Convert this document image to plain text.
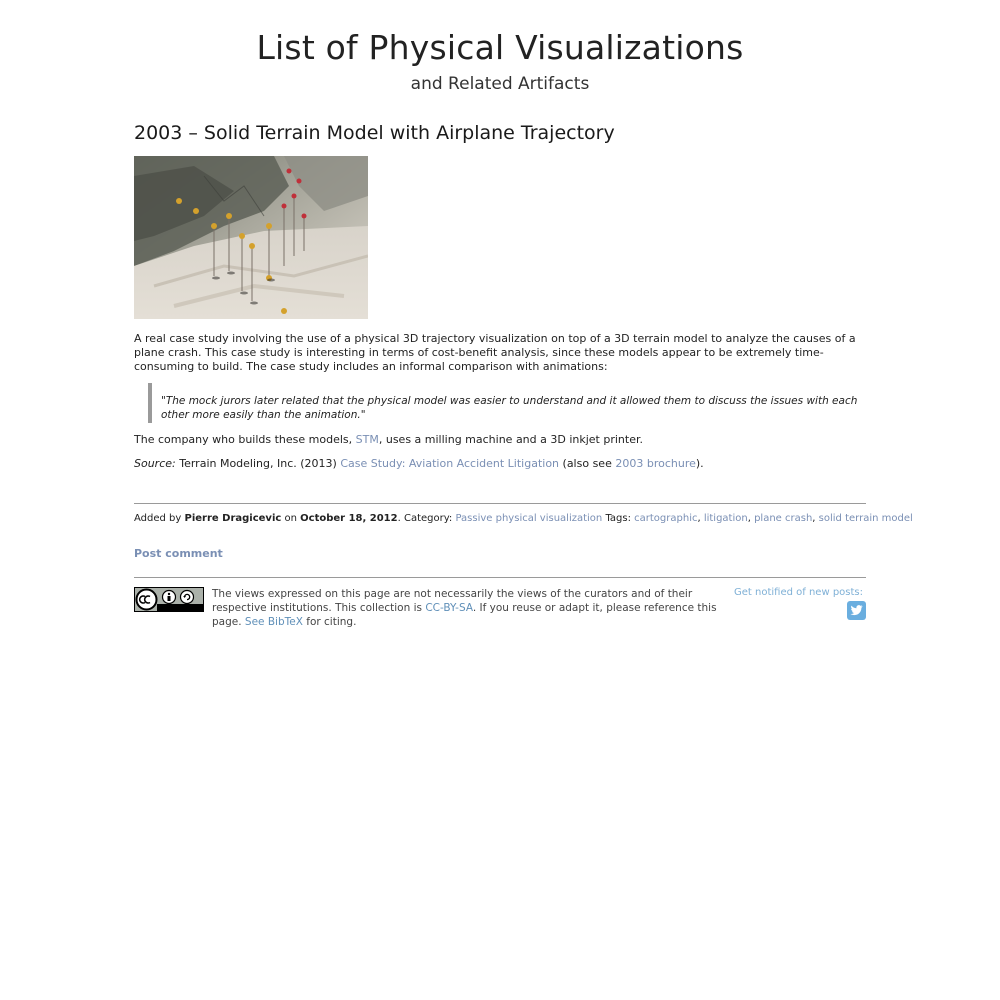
List of Physical Visualizations
and Related Artifacts
2003 – Solid Terrain Model with Airplane Trajectory
A real case study involving the use of a physical 3D trajectory visualization on top of a 3D terrain model to analyze the causes of a plane crash. This case study is interesting in terms of cost-benefit analysis, since these models appear to be extremely time-consuming to build. The case study includes an informal comparison with animations:
"The mock jurors later related that the physical model was easier to understand and it allowed them to discuss the issues with each other more easily than the animation."
The company who builds these models, STM, uses a milling machine and a 3D inkjet printer.
Source: Terrain Modeling, Inc. (2013) Case Study: Aviation Accident Litigation (also see 2003 brochure).
Added by Pierre Dragicevic on October 18, 2012. Category: Passive physical visualization Tags: cartographic, litigation, plane crash, solid terrain model
Post comment
The views expressed on this page are not necessarily the views of the curators and of their respective institutions. This collection is CC-BY-SA. If you reuse or adapt it, please reference this page. See BibTeX for citing.
Get notified of new posts:
